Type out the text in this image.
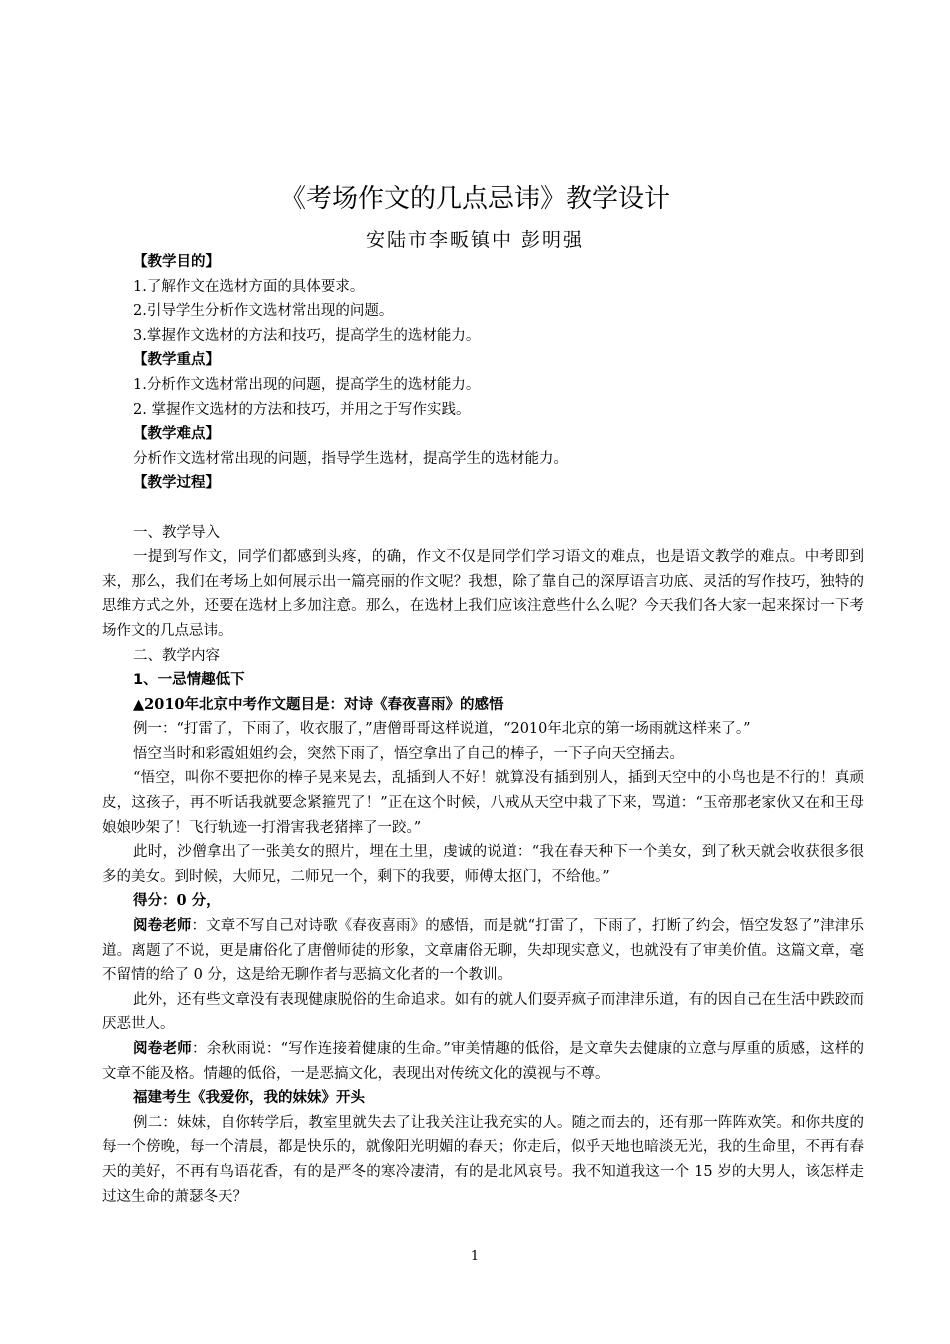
《考场作文的几点忌讳》教学设计
安陆市李畈镇中 彭明强

【教学目的】

1.了解作文在选材方面的具体要求。

2.引导学生分析作文选材常出现的问题。

3.掌握作文选材的方法和技巧，提高学生的选材能力。

【教学重点】

1.分析作文选材常出现的问题，提高学生的选材能力。

2. 掌握作文选材的方法和技巧，并用之于写作实践。

【教学难点】

分析作文选材常出现的问题，指导学生选材，提高学生的选材能力。

【教学过程】

一、教学导入

一提到写作文，同学们都感到头疼，的确，作文不仅是同学们学习语文的难点，也是语文教学的难点。中考即到来，那么，我们在考场上如何展示出一篇亮丽的作文呢？我想，除了靠自己的深厚语言功底、灵活的写作技巧，独特的思维方式之外，还要在选材上多加注意。那么，在选材上我们应该注意些什么么呢？今天我们各大家一起来探讨一下考场作文的几点忌讳。

二、教学内容

1、一忌情趣低下

▲2010年北京中考作文题目是：对诗《春夜喜雨》的感悟

例一：“打雷了，下雨了，收衣服了，”唐僧哥哥这样说道，“2010年北京的第一场雨就这样来了。”

悟空当时和彩霞姐姐约会，突然下雨了，悟空拿出了自己的棒子，一下子向天空捅去。

“悟空，叫你不要把你的棒子晃来晃去，乱插到人不好！就算没有插到别人，插到天空中的小鸟也是不行的！真顽皮，这孩子，再不听话我就要念紧箍咒了！”正在这个时候，八戒从天空中栽了下来，骂道：“玉帝那老家伙又在和王母娘娘吵架了！飞行轨迹一打滑害我老猪摔了一跤。”

此时，沙僧拿出了一张美女的照片，埋在土里，虔诚的说道：“我在春天种下一个美女，到了秋天就会收获很多很多的美女。到时候，大师兄，二师兄一个，剩下的我要，师傅太抠门，不给他。”

得分：0 分，

阅卷老师：文章不写自己对诗歌《春夜喜雨》的感悟，而是就“打雷了，下雨了，打断了约会，悟空发怒了”津津乐道。离题了不说，更是庸俗化了唐僧师徒的形象，文章庸俗无聊，失却现实意义，也就没有了审美价值。这篇文章，毫不留情的给了 0 分，这是给无聊作者与恶搞文化者的一个教训。

此外，还有些文章没有表现健康脱俗的生命追求。如有的就人们耍弄疯子而津津乐道，有的因自己在生活中跌跤而厌恶世人。

阅卷老师：余秋雨说：“写作连接着健康的生命。”审美情趣的低俗，是文章失去健康的立意与厚重的质感，这样的文章不能及格。情趣的低俗，一是恶搞文化，表现出对传统文化的漠视与不尊。

福建考生《我爱你，我的妹妹》开头

例二：妹妹，自你转学后，教室里就失去了让我关注让我充实的人。随之而去的，还有那一阵阵欢笑。和你共度的每一个傍晚，每一个清晨，都是快乐的，就像阳光明媚的春天；你走后，似乎天地也暗淡无光，我的生命里，不再有春天的美好，不再有鸟语花香，有的是严冬的寒冷凄清，有的是北风哀号。我不知道我这一个 15 岁的大男人，该怎样走过这生命的萧瑟冬天？

1
